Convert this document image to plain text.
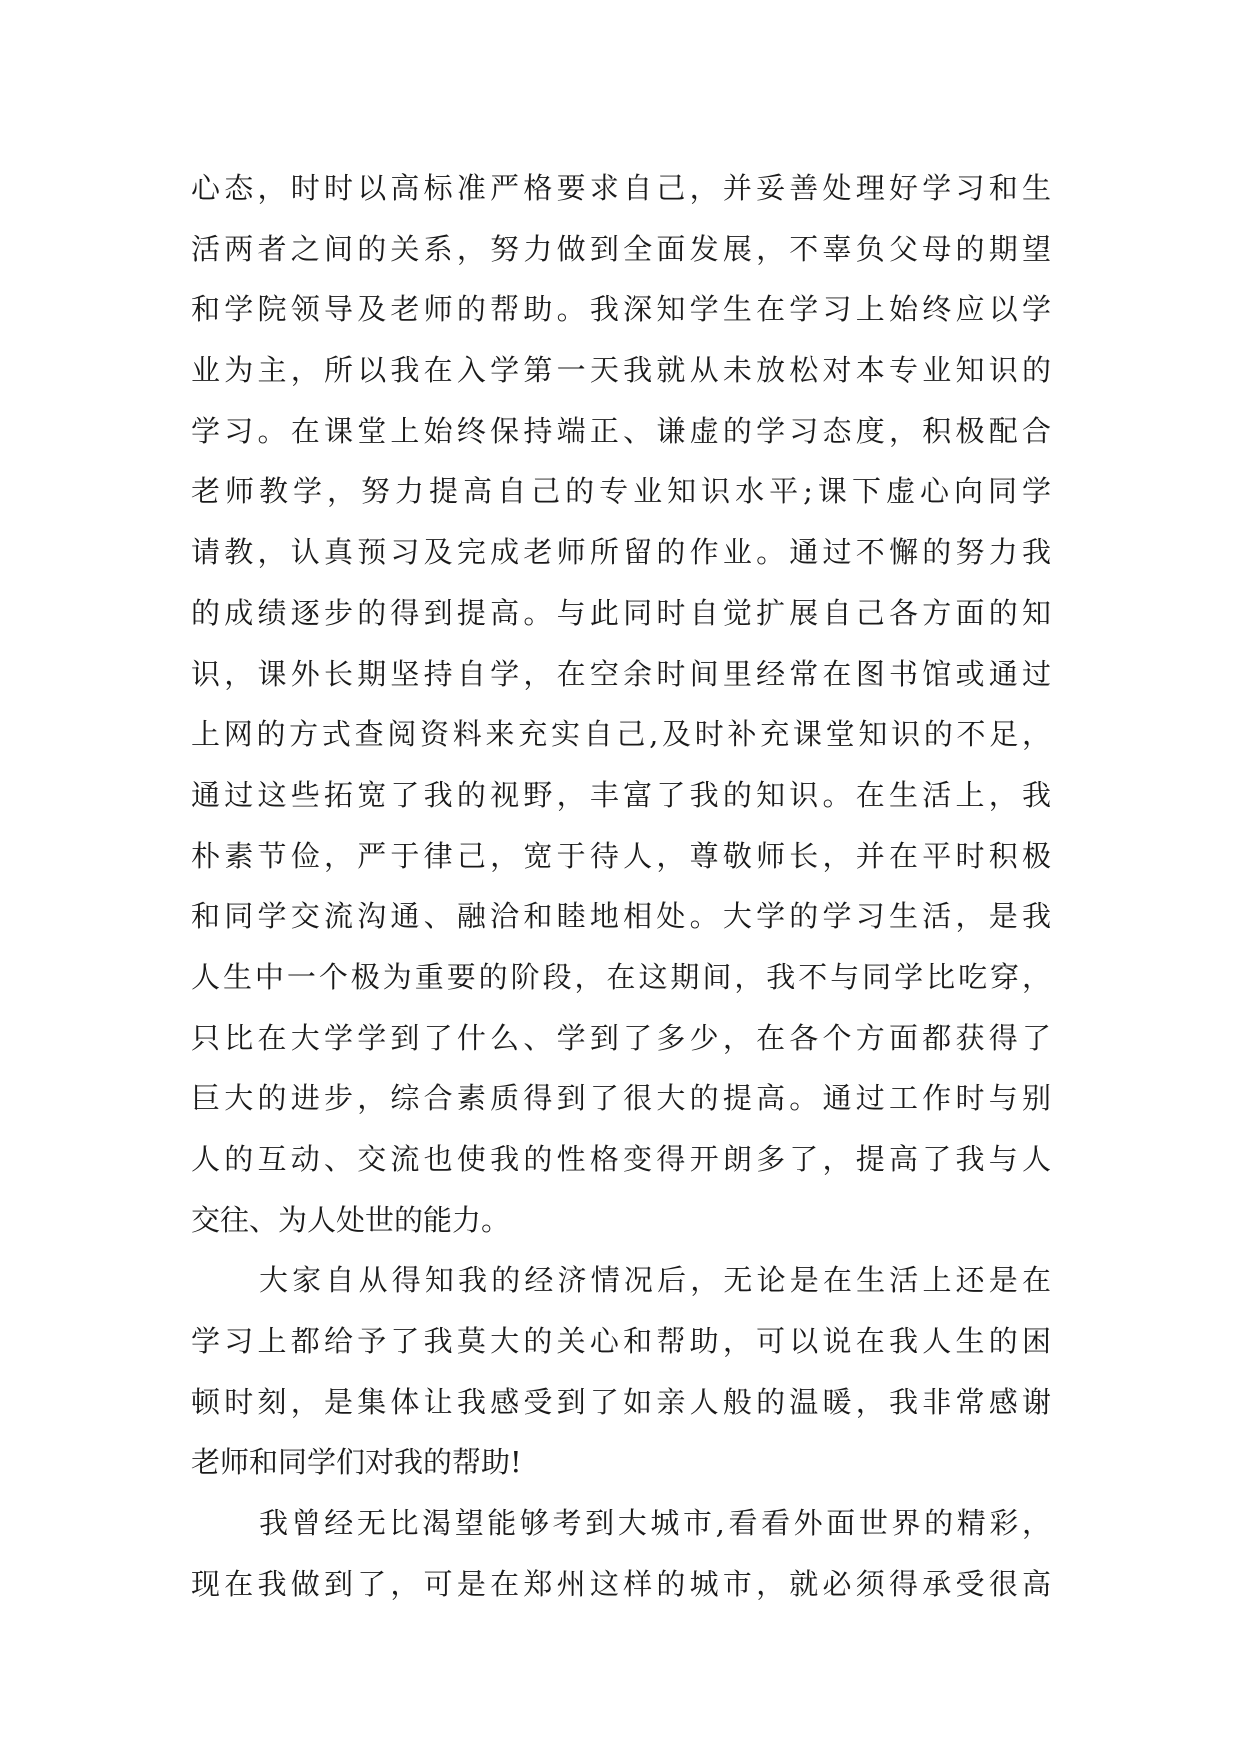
心态，时时以高标准严格要求自己，并妥善处理好学习和生
活两者之间的关系，努力做到全面发展，不辜负父母的期望
和学院领导及老师的帮助。我深知学生在学习上始终应以学
业为主，所以我在入学第一天我就从未放松对本专业知识的
学习。在课堂上始终保持端正、谦虚的学习态度，积极配合
老师教学，努力提高自己的专业知识水平;课下虚心向同学
请教，认真预习及完成老师所留的作业。通过不懈的努力我
的成绩逐步的得到提高。与此同时自觉扩展自己各方面的知
识，课外长期坚持自学，在空余时间里经常在图书馆或通过
上网的方式查阅资料来充实自己,及时补充课堂知识的不足，
通过这些拓宽了我的视野，丰富了我的知识。在生活上，我
朴素节俭，严于律己，宽于待人，尊敬师长，并在平时积极
和同学交流沟通、融洽和睦地相处。大学的学习生活，是我
人生中一个极为重要的阶段，在这期间，我不与同学比吃穿，
只比在大学学到了什么、学到了多少，在各个方面都获得了
巨大的进步，综合素质得到了很大的提高。通过工作时与别
人的互动、交流也使我的性格变得开朗多了，提高了我与人
交往、为人处世的能力。
大家自从得知我的经济情况后，无论是在生活上还是在
学习上都给予了我莫大的关心和帮助，可以说在我人生的困
顿时刻，是集体让我感受到了如亲人般的温暖，我非常感谢
老师和同学们对我的帮助!
我曾经无比渴望能够考到大城市,看看外面世界的精彩，
现在我做到了，可是在郑州这样的城市，就必须得承受很高
